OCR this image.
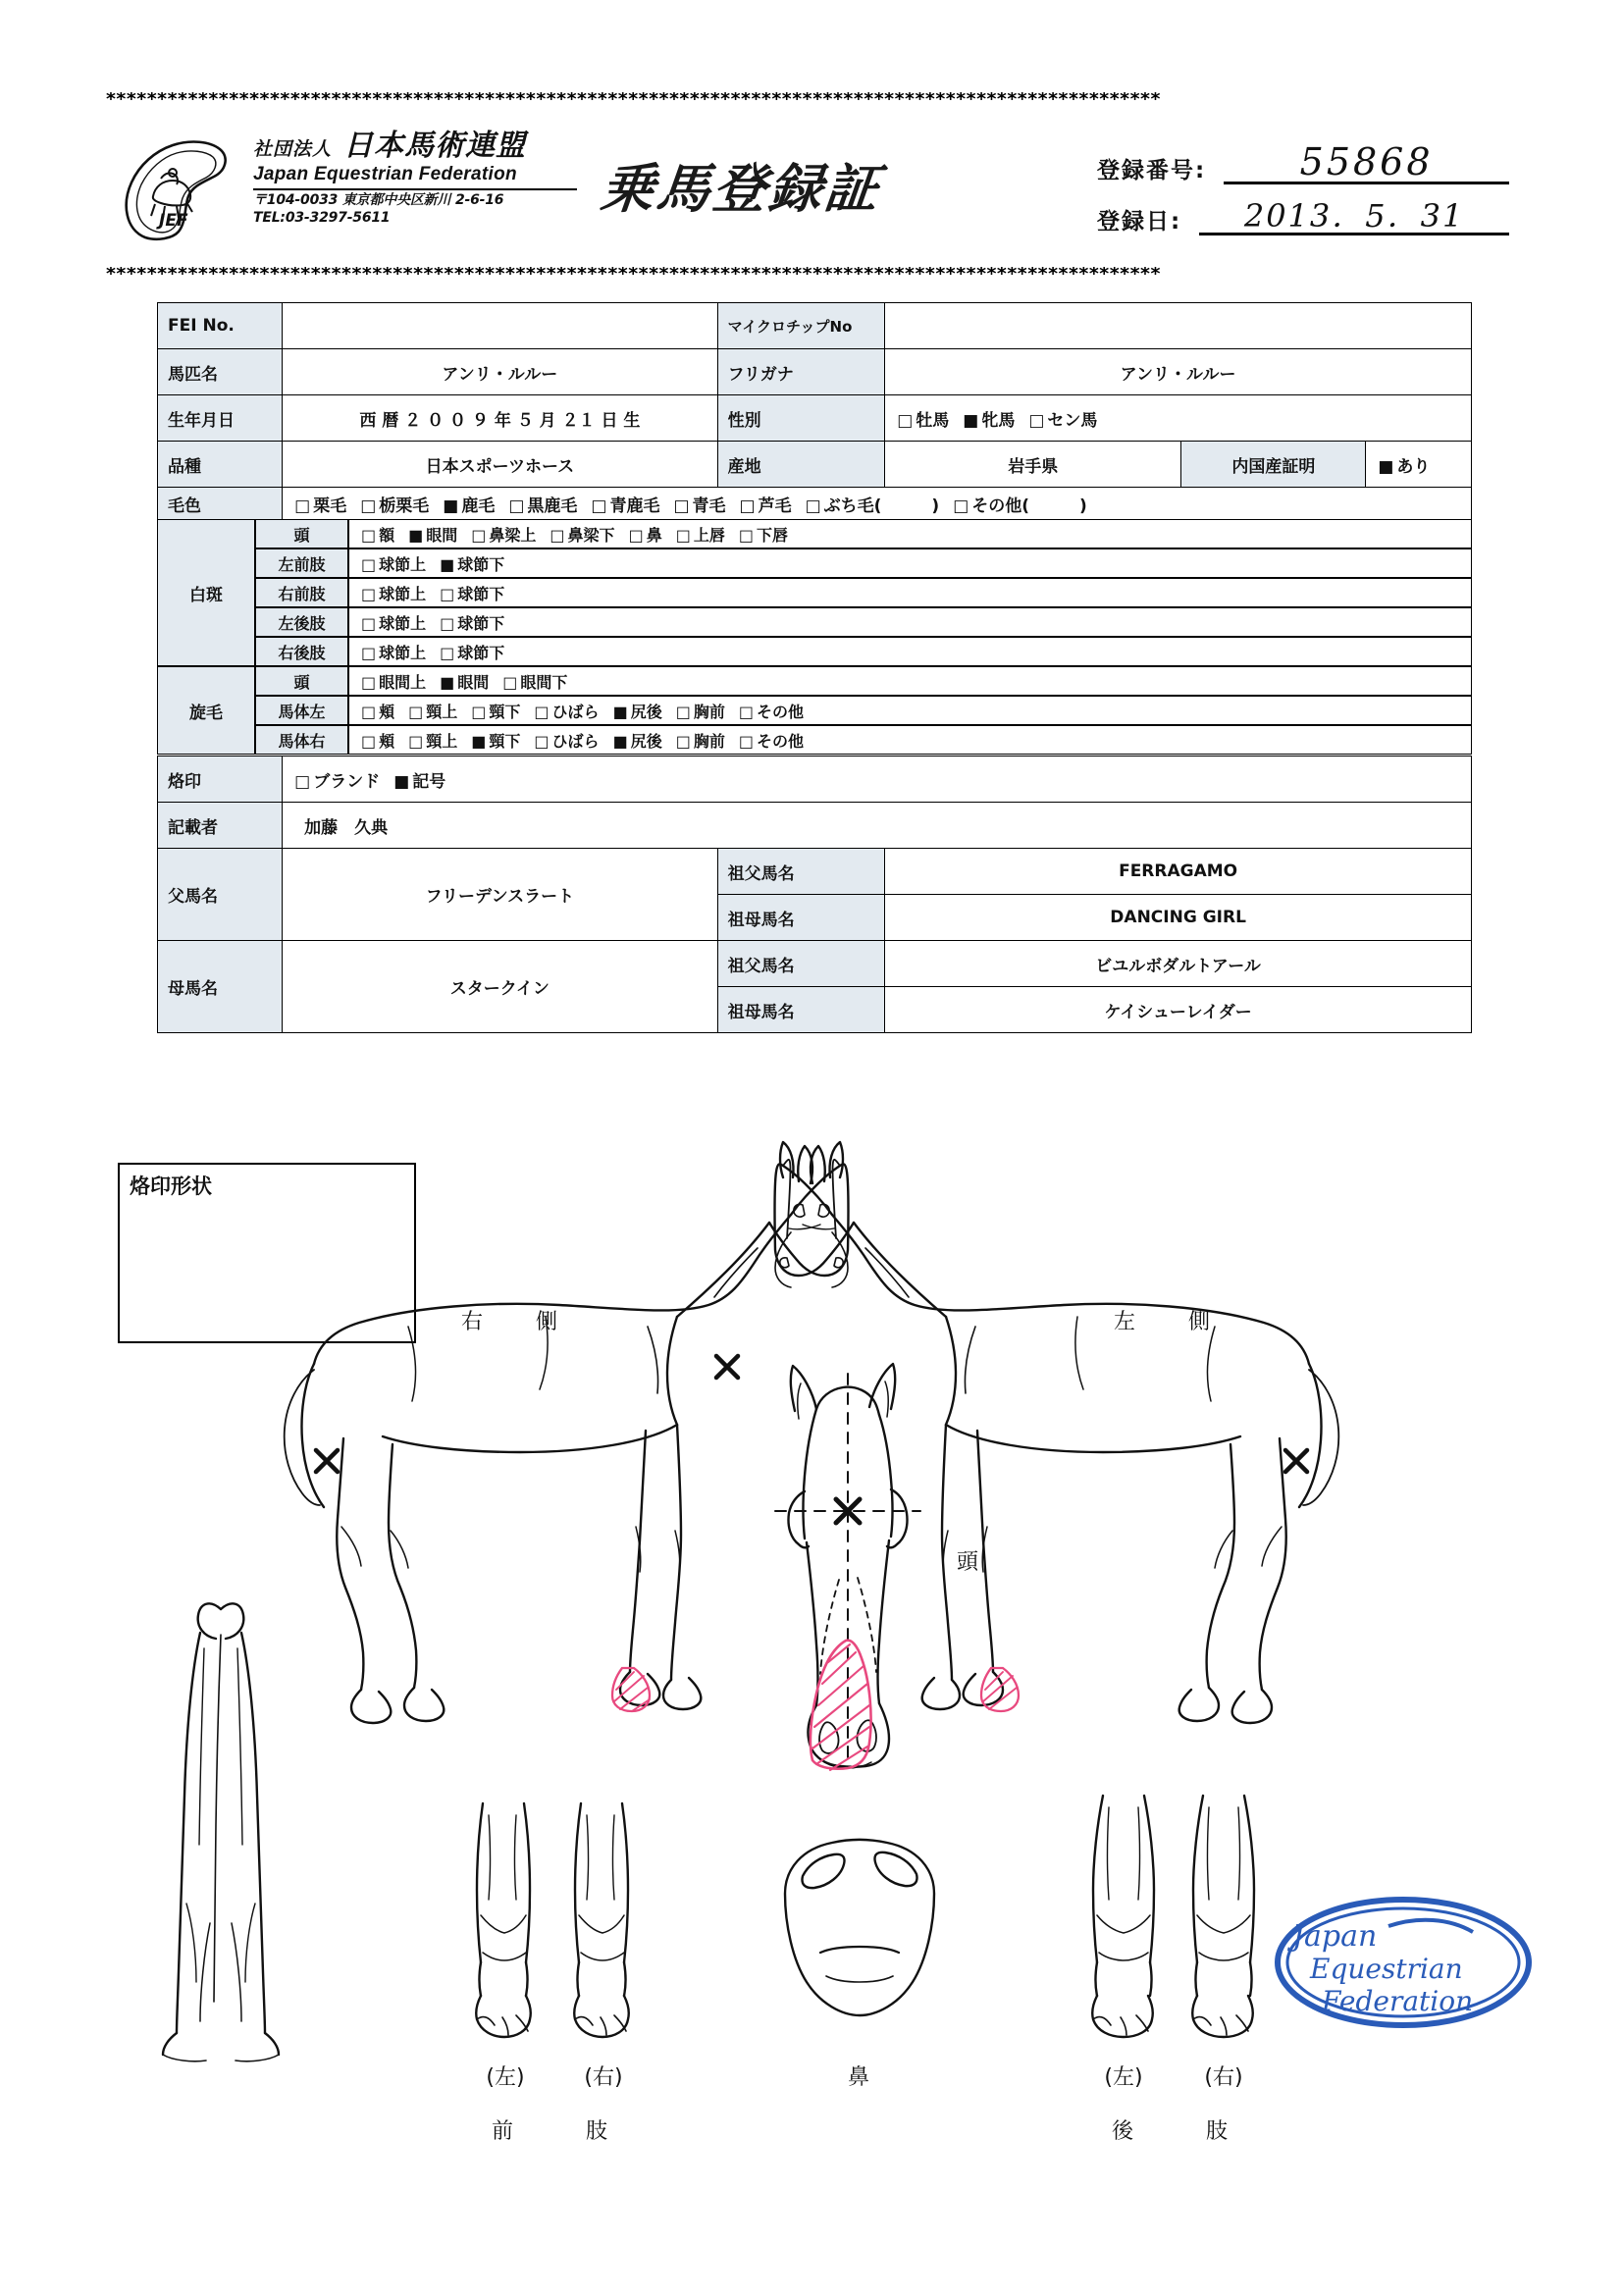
*******************************************************************************************************
*******************************************************************************************************
JEF
社団法人 日本馬術連盟
Japan Equestrian Federation
〒104-0033 東京都中央区新川 2-6-16
TEL:03-3297-5611	乗馬登録証	登録番号:	55868
登録日:	2013．5．31
FEI No.		マイクロチップNo			
馬匹名	アンリ・ルルー	フリガナ	アンリ・ルルー		
生年月日	西 暦 ２ ０ ０ ９ 年 ５ 月 ２１ 日 生	性別	□ 牡馬 ■ 牝馬 □ セン馬
品種	日本スポーツホース	産地	岩手県	内国産証明	■ あり
毛色	□ 栗毛 □ 栃栗毛 ■ 鹿毛 □ 黒鹿毛 □ 青鹿毛 □ 青毛 □ 芦毛 □ ぶち毛(　　　) □ その他(　　　)
烙印	□ ブランド ■ 記号
記載者	加藤　久典				
父馬名	フリーデンスラート	祖父馬名	FERRAGAMO		
		祖母馬名	DANCING GIRL		
母馬名	スタークイン	祖父馬名	ビユルボダルトアール		
		祖母馬名	ケイシューレイダー		
白斑
頭	□ 額	■ 眼間	□ 鼻梁上	□ 鼻梁下	□ 鼻	□ 上唇	□ 下唇
左前肢	□ 球節上	■ 球節下
右前肢	□ 球節上	□ 球節下
左後肢	□ 球節上	□ 球節下
右後肢	□ 球節上	□ 球節下
旋毛
頭	□ 眼間上	■ 眼間	□ 眼間下
馬体左	□ 頬	□ 頸上	□ 頸下	□ ひばら	■ 尻後	□ 胸前	□ その他
馬体右	□ 頬	□ 頸上	■ 頸下	□ ひばら	■ 尻後	□ 胸前	□ その他
烙印形状
右　側	左　側
頭
(左)	(右)
前　　肢
鼻	(左)	(右)
後　　肢
Japan
Equestrian
Federation
